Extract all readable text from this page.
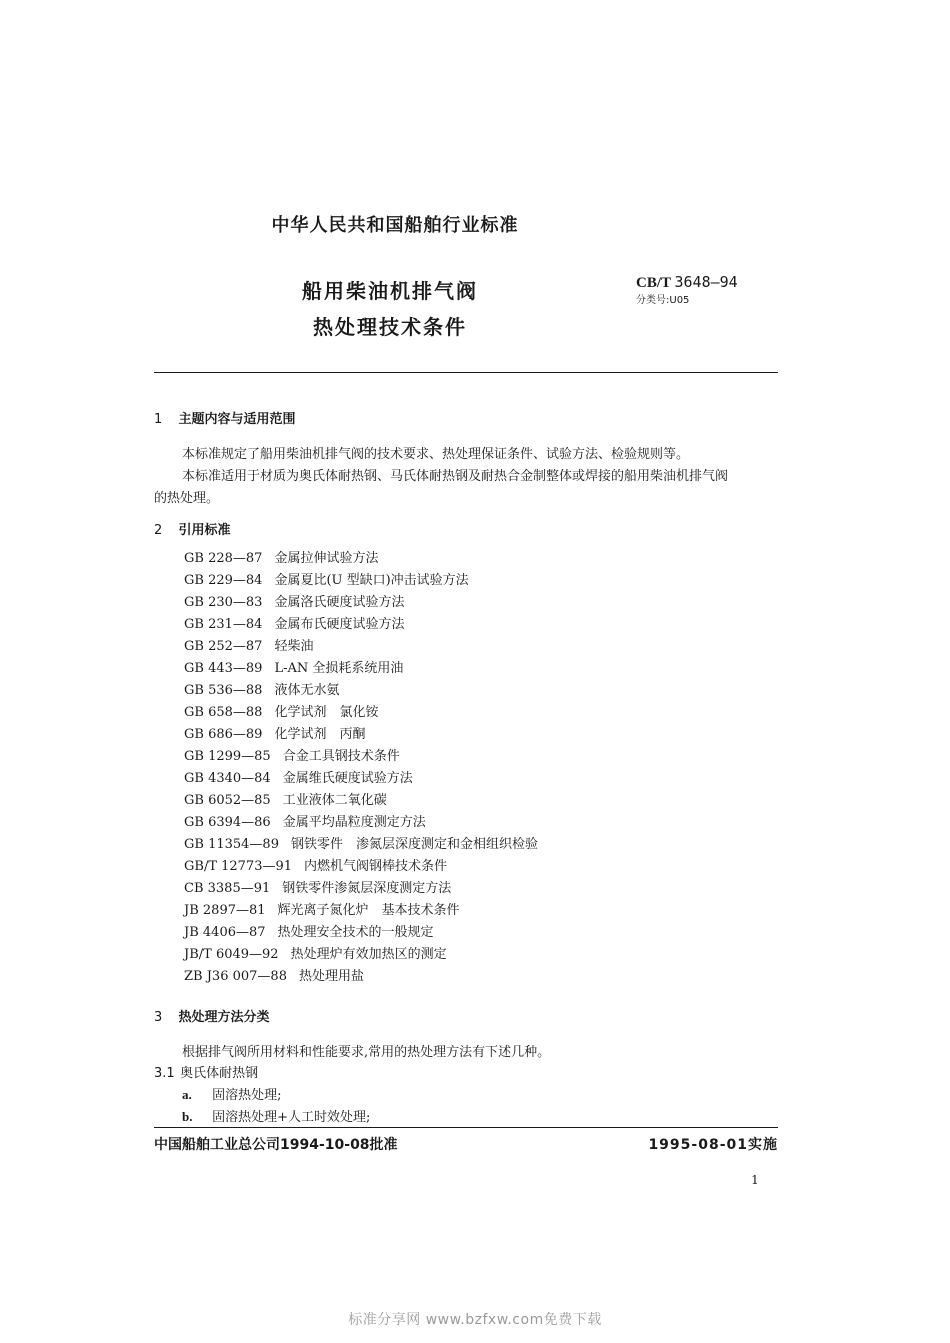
中华人民共和国船舶行业标准
船用柴油机排气阀
热处理技术条件
CB/T 3648—94
分类号:U05
1 主题内容与适用范围
本标准规定了船用柴油机排气阀的技术要求、热处理保证条件、试验方法、检验规则等。
本标准适用于材质为奥氏体耐热钢、马氏体耐热钢及耐热合金制整体或焊接的船用柴油机排气阀
的热处理。
2 引用标准
GB 228—87 金属拉伸试验方法
GB 229—84 金属夏比(U 型缺口)冲击试验方法
GB 230—83 金属洛氏硬度试验方法
GB 231—84 金属布氏硬度试验方法
GB 252—87 轻柴油
GB 443—89 L-AN 全损耗系统用油
GB 536—88 液体无水氨
GB 658—88 化学试剂　氯化铵
GB 686—89 化学试剂　丙酮
GB 1299—85 合金工具钢技术条件
GB 4340—84 金属维氏硬度试验方法
GB 6052—85 工业液体二氧化碳
GB 6394—86 金属平均晶粒度测定方法
GB 11354—89 钢铁零件　渗氮层深度测定和金相组织检验
GB/T 12773—91 内燃机气阀钢棒技术条件
CB 3385—91 钢铁零件渗氮层深度测定方法
JB 2897—81 辉光离子氮化炉　基本技术条件
JB 4406—87 热处理安全技术的一般规定
JB/T 6049—92 热处理炉有效加热区的测定
ZB J36 007—88 热处理用盐
3 热处理方法分类
根据排气阀所用材料和性能要求,常用的热处理方法有下述几种。
3.1 奥氏体耐热钢
a. 固溶热处理;
b. 固溶热处理+人工时效处理;
中国船舶工业总公司1994-10-08批准	1995-08-01实施
1
标准分享网 www.bzfxw.com免费下载
